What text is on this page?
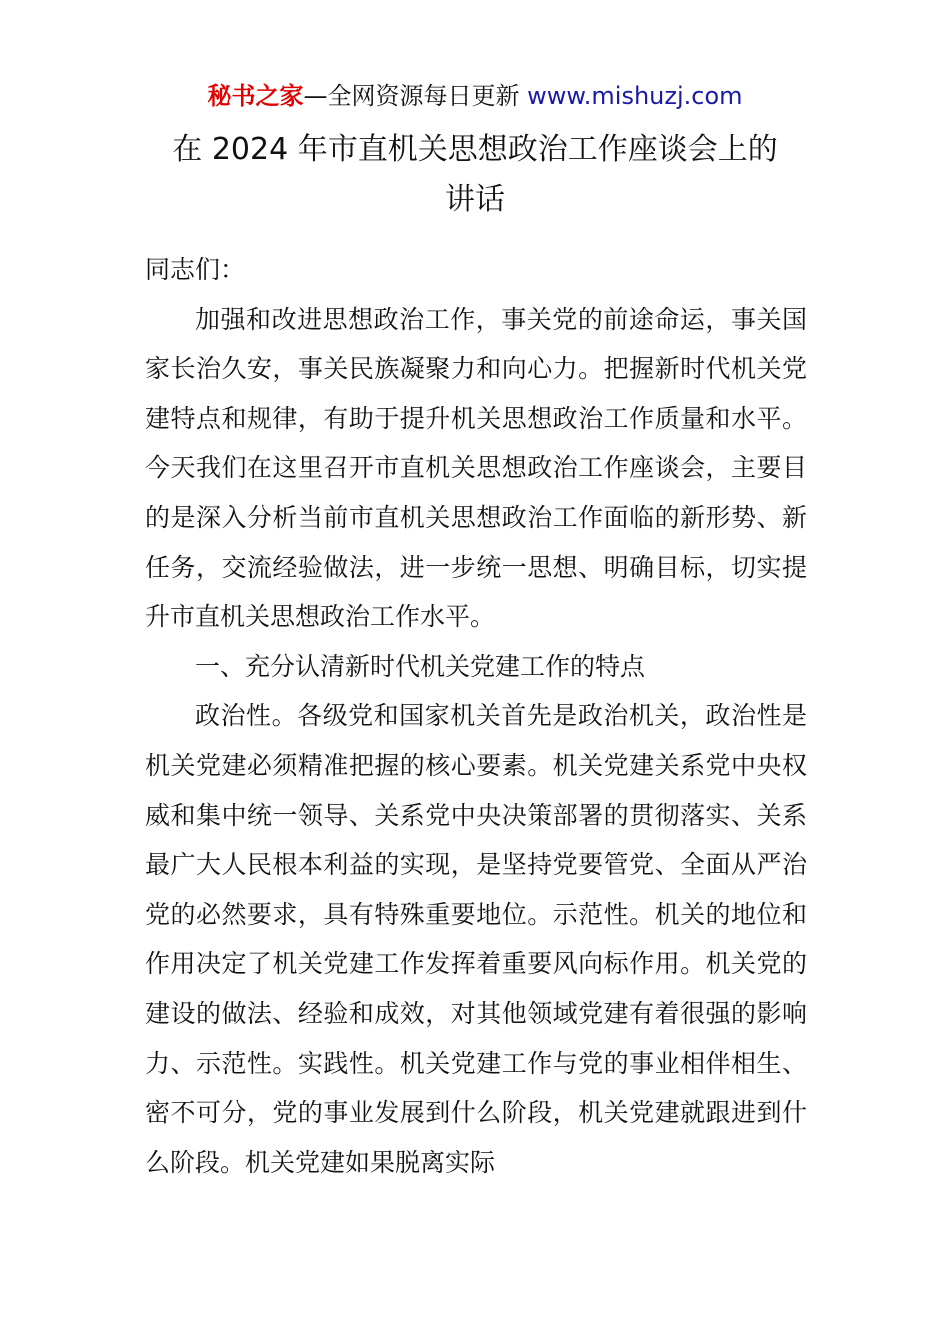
秘书之家—全网资源每日更新 www.mishuzj.com
在 2024 年市直机关思想政治工作座谈会上的
讲话

同志们：

加强和改进思想政治工作，事关党的前途命运，事关国家长治久安，事关民族凝聚力和向心力。把握新时代机关党建特点和规律，有助于提升机关思想政治工作质量和水平。今天我们在这里召开市直机关思想政治工作座谈会，主要目的是深入分析当前市直机关思想政治工作面临的新形势、新任务，交流经验做法，进一步统一思想、明确目标，切实提升市直机关思想政治工作水平。

一、充分认清新时代机关党建工作的特点

政治性。各级党和国家机关首先是政治机关，政治性是机关党建必须精准把握的核心要素。机关党建关系党中央权威和集中统一领导、关系党中央决策部署的贯彻落实、关系最广大人民根本利益的实现，是坚持党要管党、全面从严治党的必然要求，具有特殊重要地位。示范性。机关的地位和作用决定了机关党建工作发挥着重要风向标作用。机关党的建设的做法、经验和成效，对其他领域党建有着很强的影响力、示范性。实践性。机关党建工作与党的事业相伴相生、密不可分，党的事业发展到什么阶段，机关党建就跟进到什么阶段。机关党建如果脱离实际
